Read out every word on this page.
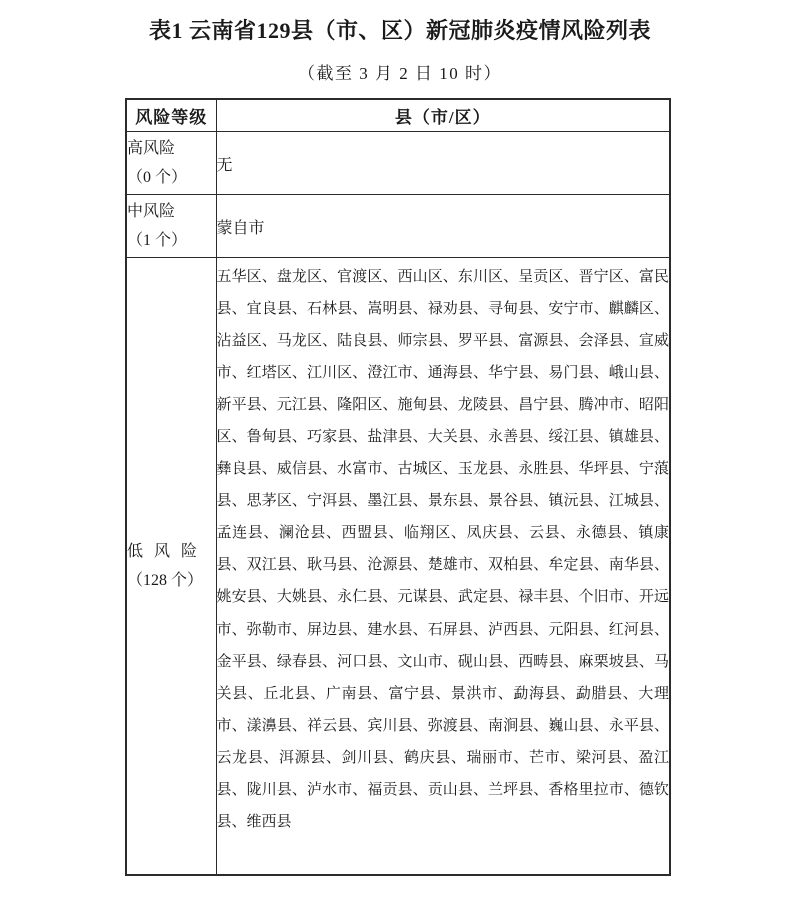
表1 云南省129县（市、区）新冠肺炎疫情风险列表
（截至 3 月 2 日 10 时）
风险等级	县（市/区）

高风险
（0 个）	无

中风险
（1 个）	蒙自市

低 风 险
（128 个）	五华区、盘龙区、官渡区、西山区、东川区、呈贡区、晋宁区、富民县、宜良县、石林县、嵩明县、禄劝县、寻甸县、安宁市、麒麟区、沾益区、马龙区、陆良县、师宗县、罗平县、富源县、会泽县、宣威市、红塔区、江川区、澄江市、通海县、华宁县、易门县、峨山县、新平县、元江县、隆阳区、施甸县、龙陵县、昌宁县、腾冲市、昭阳区、鲁甸县、巧家县、盐津县、大关县、永善县、绥江县、镇雄县、彝良县、威信县、水富市、古城区、玉龙县、永胜县、华坪县、宁蒗县、思茅区、宁洱县、墨江县、景东县、景谷县、镇沅县、江城县、孟连县、澜沧县、西盟县、临翔区、凤庆县、云县、永德县、镇康县、双江县、耿马县、沧源县、楚雄市、双柏县、牟定县、南华县、姚安县、大姚县、永仁县、元谋县、武定县、禄丰县、个旧市、开远市、弥勒市、屏边县、建水县、石屏县、泸西县、元阳县、红河县、金平县、绿春县、河口县、文山市、砚山县、西畴县、麻栗坡县、马关县、丘北县、广南县、富宁县、景洪市、勐海县、勐腊县、大理市、漾濞县、祥云县、宾川县、弥渡县、南涧县、巍山县、永平县、云龙县、洱源县、剑川县、鹤庆县、瑞丽市、芒市、梁河县、盈江县、陇川县、泸水市、福贡县、贡山县、兰坪县、香格里拉市、德钦县、维西县
